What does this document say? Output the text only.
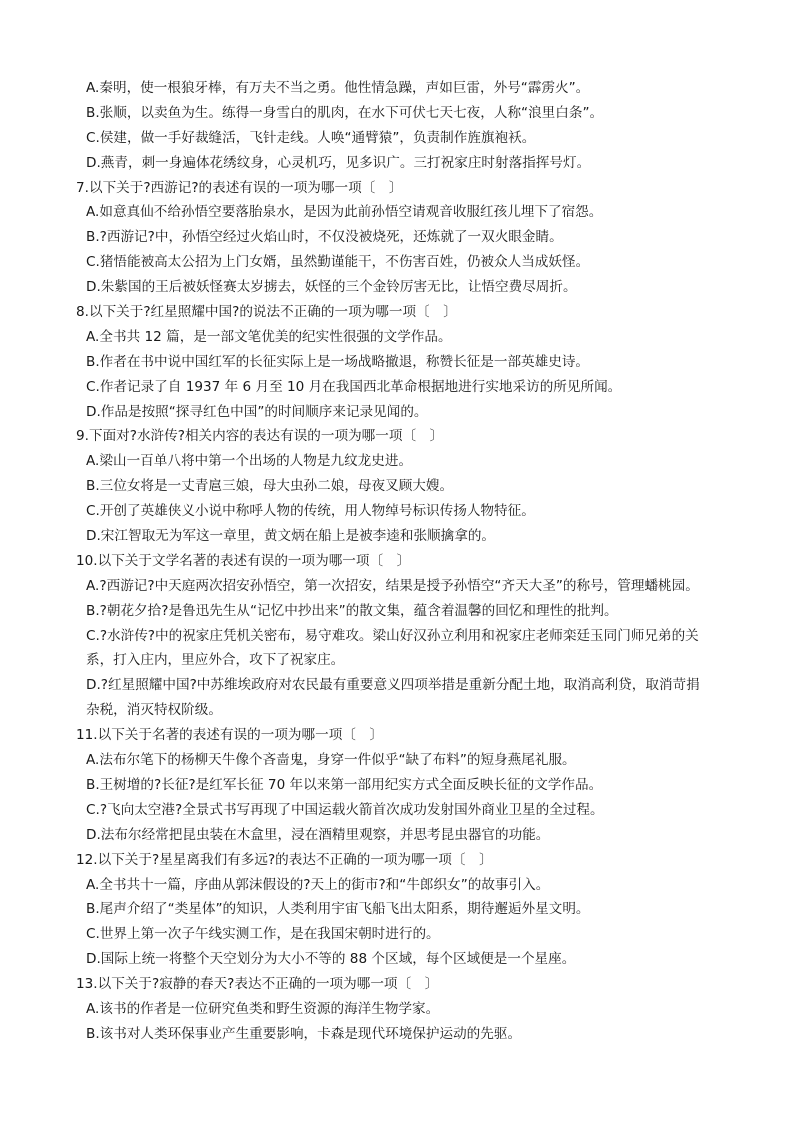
A.秦明，使一根狼牙棒，有万夫不当之勇。他性情急躁，声如巨雷，外号“霹雳火”。
B.张顺，以卖鱼为生。练得一身雪白的肌肉，在水下可伏七天七夜，人称“浪里白条”。
C.侯建，做一手好裁缝活，飞针走线。人唤“通臂猿”，负责制作旌旗袍袄。
D.燕青，刺一身遍体花绣纹身，心灵机巧，见多识广。三打祝家庄时射落指挥号灯。
7.以下关于?西游记?的表述有误的一项为哪一项〔　〕
A.如意真仙不给孙悟空要落胎泉水，是因为此前孙悟空请观音收服红孩儿埋下了宿怨。
B.?西游记?中，孙悟空经过火焰山时，不仅没被烧死，还炼就了一双火眼金睛。
C.猪悟能被高太公招为上门女婿，虽然勤谨能干，不伤害百姓，仍被众人当成妖怪。
D.朱紫国的王后被妖怪赛太岁掳去，妖怪的三个金铃厉害无比，让悟空费尽周折。
8.以下关于?红星照耀中国?的说法不正确的一项为哪一项〔　〕
A.全书共 12 篇，是一部文笔优美的纪实性很强的文学作品。
B.作者在书中说中国红军的长征实际上是一场战略撤退，称赞长征是一部英雄史诗。
C.作者记录了自 1937 年 6 月至 10 月在我国西北革命根据地进行实地采访的所见所闻。
D.作品是按照“探寻红色中国”的时间顺序来记录见闻的。
9.下面对?水浒传?相关内容的表达有误的一项为哪一项〔　〕
A.梁山一百单八将中第一个出场的人物是九纹龙史进。
B.三位女将是一丈青扈三娘，母大虫孙二娘，母夜叉顾大嫂。
C.开创了英雄侠义小说中称呼人物的传统，用人物绰号标识传扬人物特征。
D.宋江智取无为军这一章里，黄文炳在船上是被李逵和张顺擒拿的。
10.以下关于文学名著的表述有误的一项为哪一项〔　〕
A.?西游记?中天庭两次招安孙悟空，第一次招安，结果是授予孙悟空“齐天大圣”的称号，管理蟠桃园。
B.?朝花夕拾?是鲁迅先生从“记忆中抄出来”的散文集，蕴含着温馨的回忆和理性的批判。
C.?水浒传?中的祝家庄凭机关密布，易守难攻。梁山好汉孙立利用和祝家庄老师栾廷玉同门师兄弟的关
系，打入庄内，里应外合，攻下了祝家庄。
D.?红星照耀中国?中苏维埃政府对农民最有重要意义四项举措是重新分配土地，取消高利贷，取消苛捐
杂税，消灭特权阶级。
11.以下关于名著的表述有误的一项为哪一项〔　〕
A.法布尔笔下的杨柳天牛像个吝啬鬼，身穿一件似乎“缺了布料”的短身燕尾礼服。
B.王树增的?长征?是红军长征 70 年以来第一部用纪实方式全面反映长征的文学作品。
C.?飞向太空港?全景式书写再现了中国运载火箭首次成功发射国外商业卫星的全过程。
D.法布尔经常把昆虫装在木盒里，浸在酒精里观察，并思考昆虫器官的功能。
12.以下关于?星星离我们有多远?的表达不正确的一项为哪一项〔　〕
A.全书共十一篇，序曲从郭沫假设的?天上的街市?和“牛郎织女”的故事引入。
B.尾声介绍了“类星体”的知识，人类利用宇宙飞船飞出太阳系，期待邂逅外星文明。
C.世界上第一次子午线实测工作，是在我国宋朝时进行的。
D.国际上统一将整个天空划分为大小不等的 88 个区域，每个区域便是一个星座。
13.以下关于?寂静的春天?表达不正确的一项为哪一项〔　〕
A.该书的作者是一位研究鱼类和野生资源的海洋生物学家。
B.该书对人类环保事业产生重要影响，卡森是现代环境保护运动的先驱。
